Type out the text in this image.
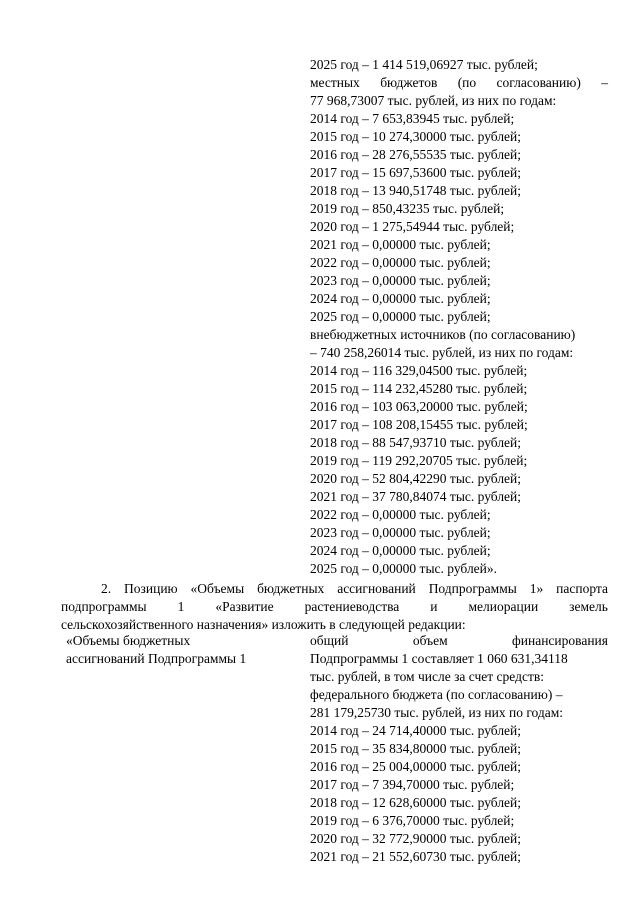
2025 год – 1 414 519,06927 тыс. рублей;
местных бюджетов (по согласованию) –
77 968,73007 тыс. рублей, из них по годам:
2014 год – 7 653,83945 тыс. рублей;
2015 год – 10 274,30000 тыс. рублей;
2016 год – 28 276,55535 тыс. рублей;
2017 год – 15 697,53600 тыс. рублей;
2018 год – 13 940,51748 тыс. рублей;
2019 год – 850,43235 тыс. рублей;
2020 год – 1 275,54944 тыс. рублей;
2021 год – 0,00000 тыс. рублей;
2022 год – 0,00000 тыс. рублей;
2023 год – 0,00000 тыс. рублей;
2024 год – 0,00000 тыс. рублей;
2025 год – 0,00000 тыс. рублей;
внебюджетных источников (по согласованию)
– 740 258,26014 тыс. рублей, из них по годам:
2014 год – 116 329,04500 тыс. рублей;
2015 год – 114 232,45280 тыс. рублей;
2016 год – 103 063,20000 тыс. рублей;
2017 год – 108 208,15455 тыс. рублей;
2018 год – 88 547,93710 тыс. рублей;
2019 год – 119 292,20705 тыс. рублей;
2020 год – 52 804,42290 тыс. рублей;
2021 год – 37 780,84074 тыс. рублей;
2022 год – 0,00000 тыс. рублей;
2023 год – 0,00000 тыс. рублей;
2024 год – 0,00000 тыс. рублей;
2025 год – 0,00000 тыс. рублей».
2. Позицию «Объемы бюджетных ассигнований Подпрограммы 1» паспорта
подпрограммы 1 «Развитие растениеводства и мелиорации земель
сельскохозяйственного назначения» изложить в следующей редакции:
«Объемы бюджетных
ассигнований Подпрограммы 1
общий	объем	финансирования
Подпрограммы 1 составляет 1 060 631,34118
тыс. рублей, в том числе за счет средств:
федерального бюджета (по согласованию) –
281 179,25730 тыс. рублей, из них по годам:
2014 год – 24 714,40000 тыс. рублей;
2015 год – 35 834,80000 тыс. рублей;
2016 год – 25 004,00000 тыс. рублей;
2017 год – 7 394,70000 тыс. рублей;
2018 год – 12 628,60000 тыс. рублей;
2019 год – 6 376,70000 тыс. рублей;
2020 год – 32 772,90000 тыс. рублей;
2021 год – 21 552,60730 тыс. рублей;
